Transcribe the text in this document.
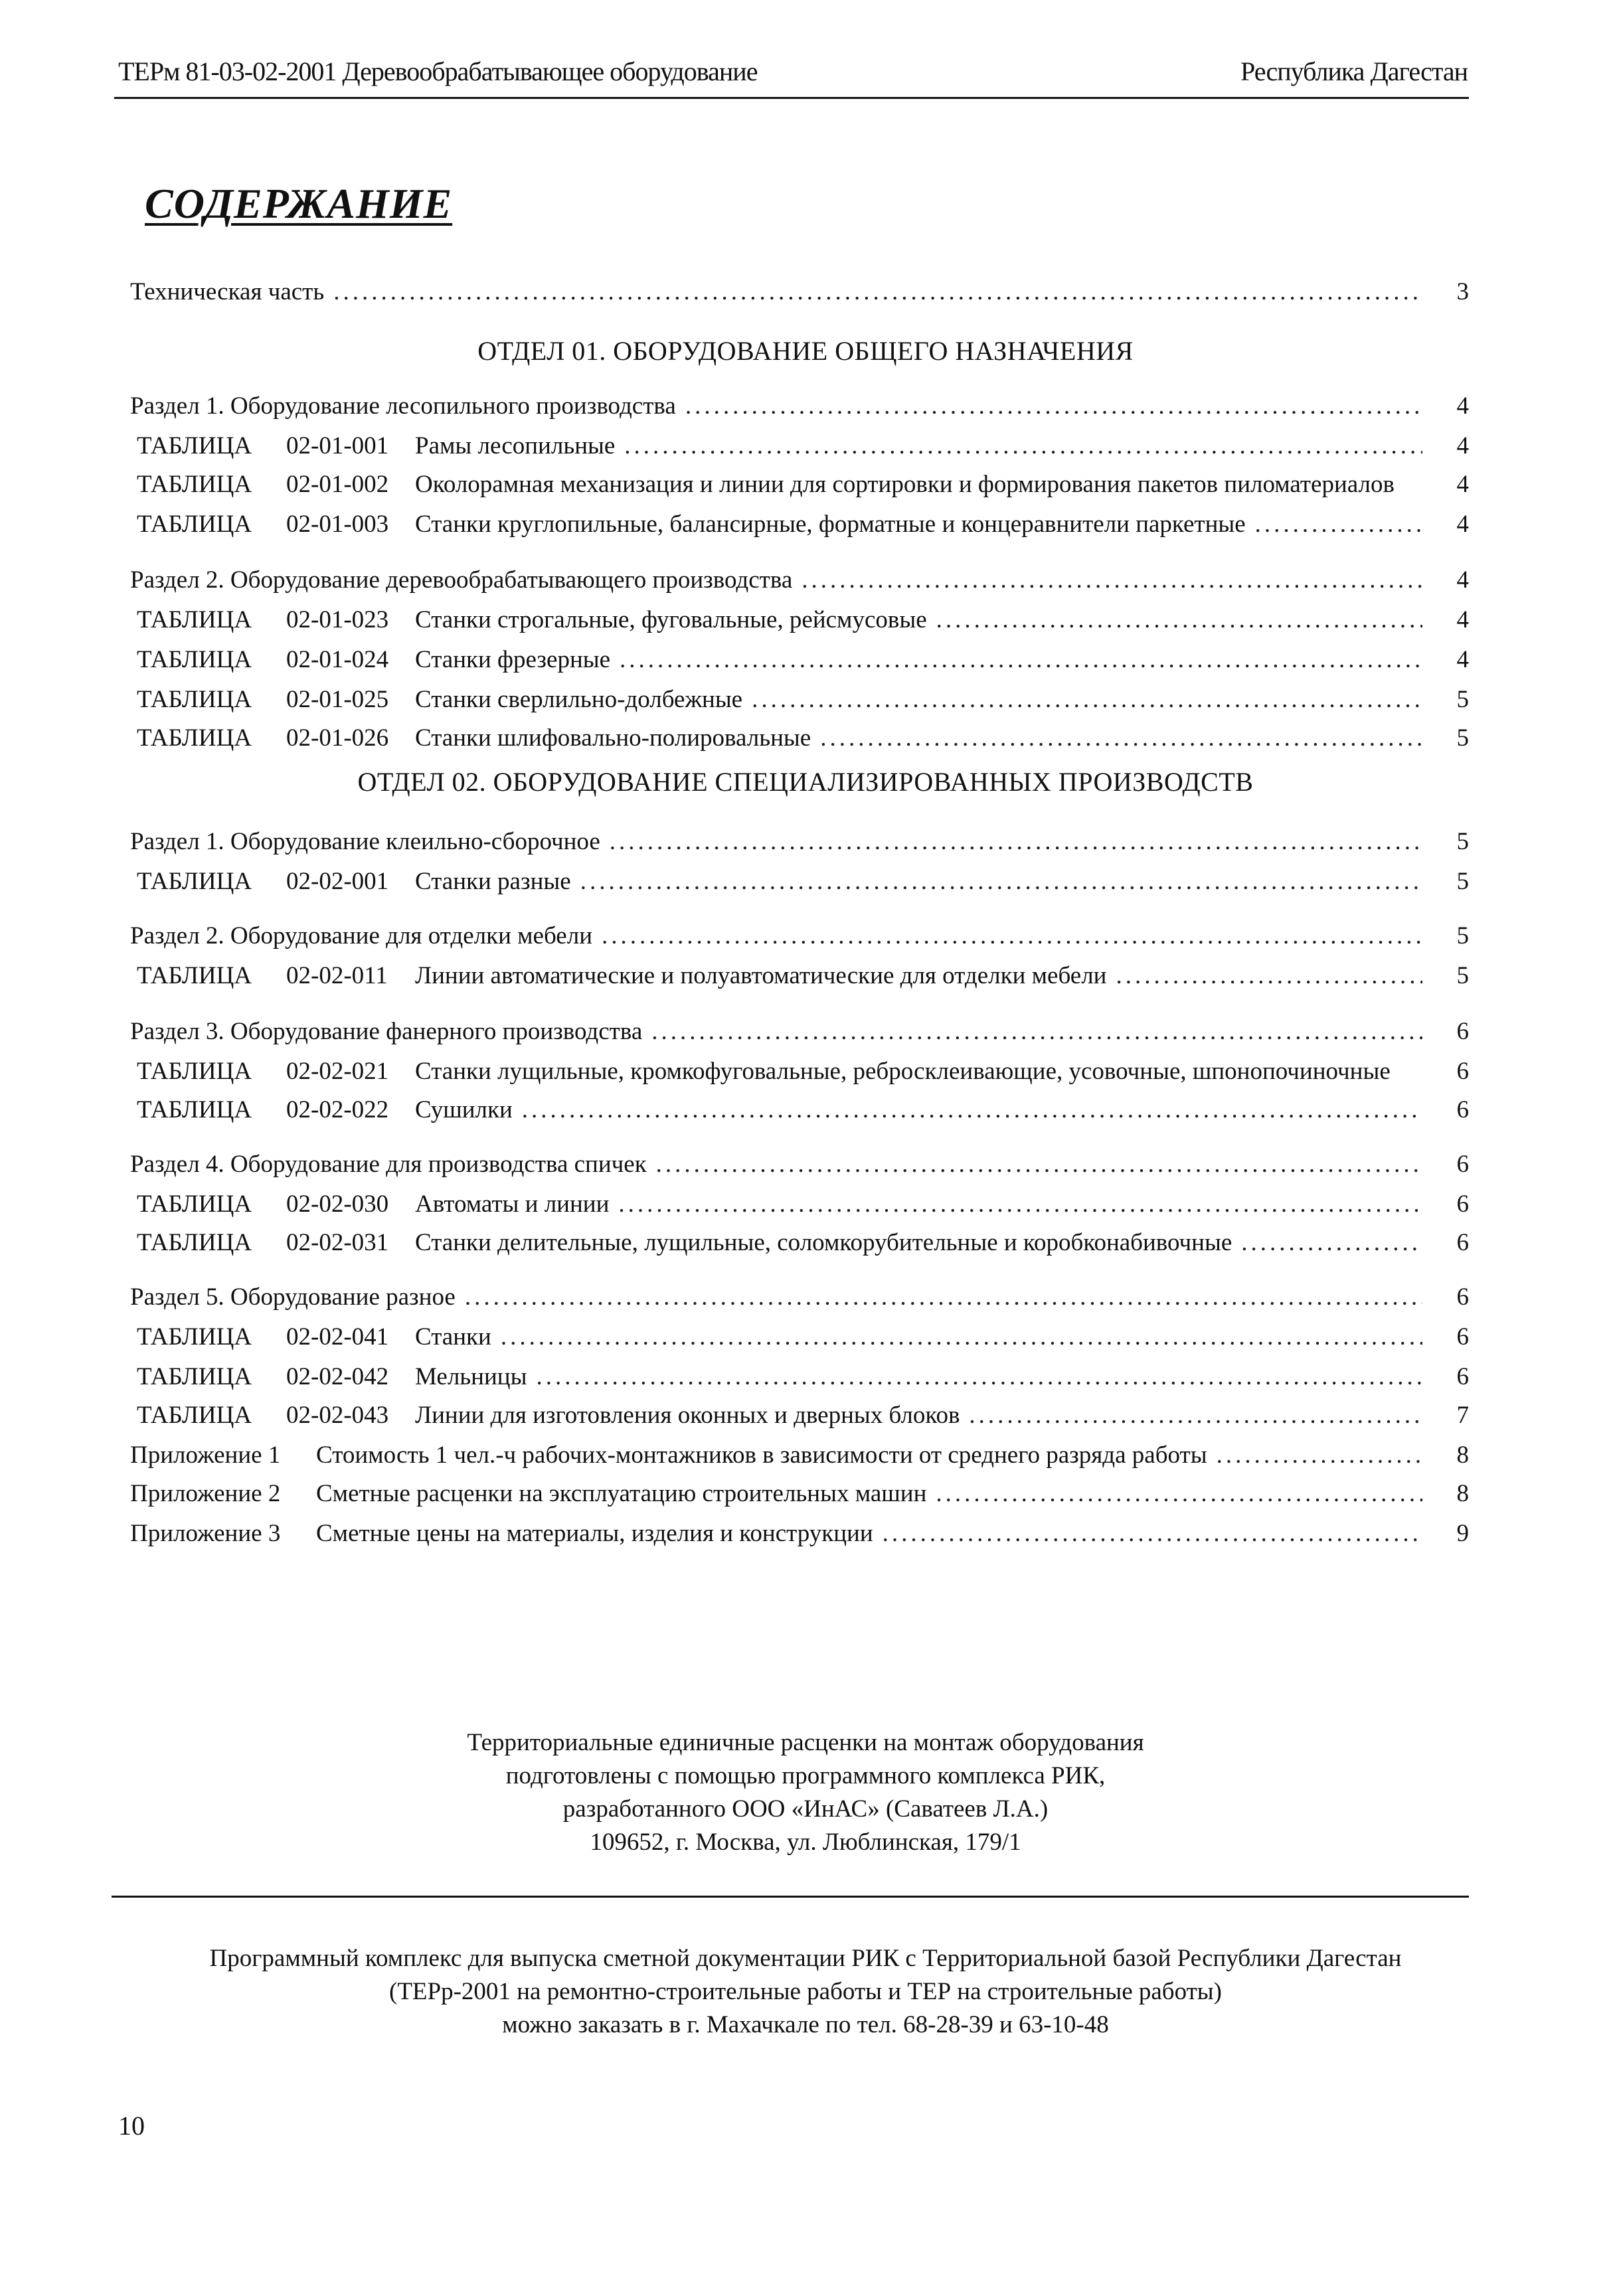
ТЕРм 81-03-02-2001 Деревообрабатывающее оборудование	Республика Дагестан
СОДЕРЖАНИЕ
Техническая часть .....	3
ОТДЕЛ 01. ОБОРУДОВАНИЕ ОБЩЕГО НАЗНАЧЕНИЯ
Раздел 1. Оборудование лесопильного производства .....	4
ТАБЛИЦА	02-01-001	Рамы лесопильные .....	4
ТАБЛИЦА	02-01-002	Околорамная механизация и линии для сортировки и формирования пакетов пиломатериалов	4
ТАБЛИЦА	02-01-003	Станки круглопильные, балансирные, форматные и концеравнители паркетные .....	4
Раздел 2. Оборудование деревообрабатывающего производства .....	4
ТАБЛИЦА	02-01-023	Станки строгальные, фуговальные, рейсмусовые .....	4
ТАБЛИЦА	02-01-024	Станки фрезерные .....	4
ТАБЛИЦА	02-01-025	Станки сверлильно-долбежные .....	5
ТАБЛИЦА	02-01-026	Станки шлифовально-полировальные .....	5
ОТДЕЛ 02. ОБОРУДОВАНИЕ СПЕЦИАЛИЗИРОВАННЫХ ПРОИЗВОДСТВ
Раздел 1. Оборудование клеильно-сборочное .....	5
ТАБЛИЦА	02-02-001	Станки разные .....	5
Раздел 2. Оборудование для отделки мебели .....	5
ТАБЛИЦА	02-02-011	Линии автоматические и полуавтоматические для отделки мебели .....	5
Раздел 3. Оборудование фанерного производства .....	6
ТАБЛИЦА	02-02-021	Станки лущильные, кромкофуговальные, ребросклеивающие, усовочные, шпонопочиночные	6
ТАБЛИЦА	02-02-022	Сушилки .....	6
Раздел 4. Оборудование для производства спичек .....	6
ТАБЛИЦА	02-02-030	Автоматы и линии .....	6
ТАБЛИЦА	02-02-031	Станки делительные, лущильные, соломкорубительные и коробконабивочные .....	6
Раздел 5. Оборудование разное .....	6
ТАБЛИЦА	02-02-041	Станки .....	6
ТАБЛИЦА	02-02-042	Мельницы .....	6
ТАБЛИЦА	02-02-043	Линии для изготовления оконных и дверных блоков .....	7
Приложение 1	Стоимость 1 чел.-ч рабочих-монтажников в зависимости от среднего разряда работы .....	8
Приложение 2	Сметные расценки на эксплуатацию строительных машин .....	8
Приложение 3	Сметные цены на материалы, изделия и конструкции .....	9
Территориальные единичные расценки на монтаж оборудования
подготовлены с помощью программного комплекса РИК,
разработанного ООО «ИнАС» (Саватеев Л.А.)
109652, г. Москва, ул. Люблинская, 179/1
Программный комплекс для выпуска сметной документации РИК с Территориальной базой Республики Дагестан
(ТЕРр-2001 на ремонтно-строительные работы и ТЕР на строительные работы)
можно заказать в г. Махачкале по тел. 68-28-39 и 63-10-48
10
